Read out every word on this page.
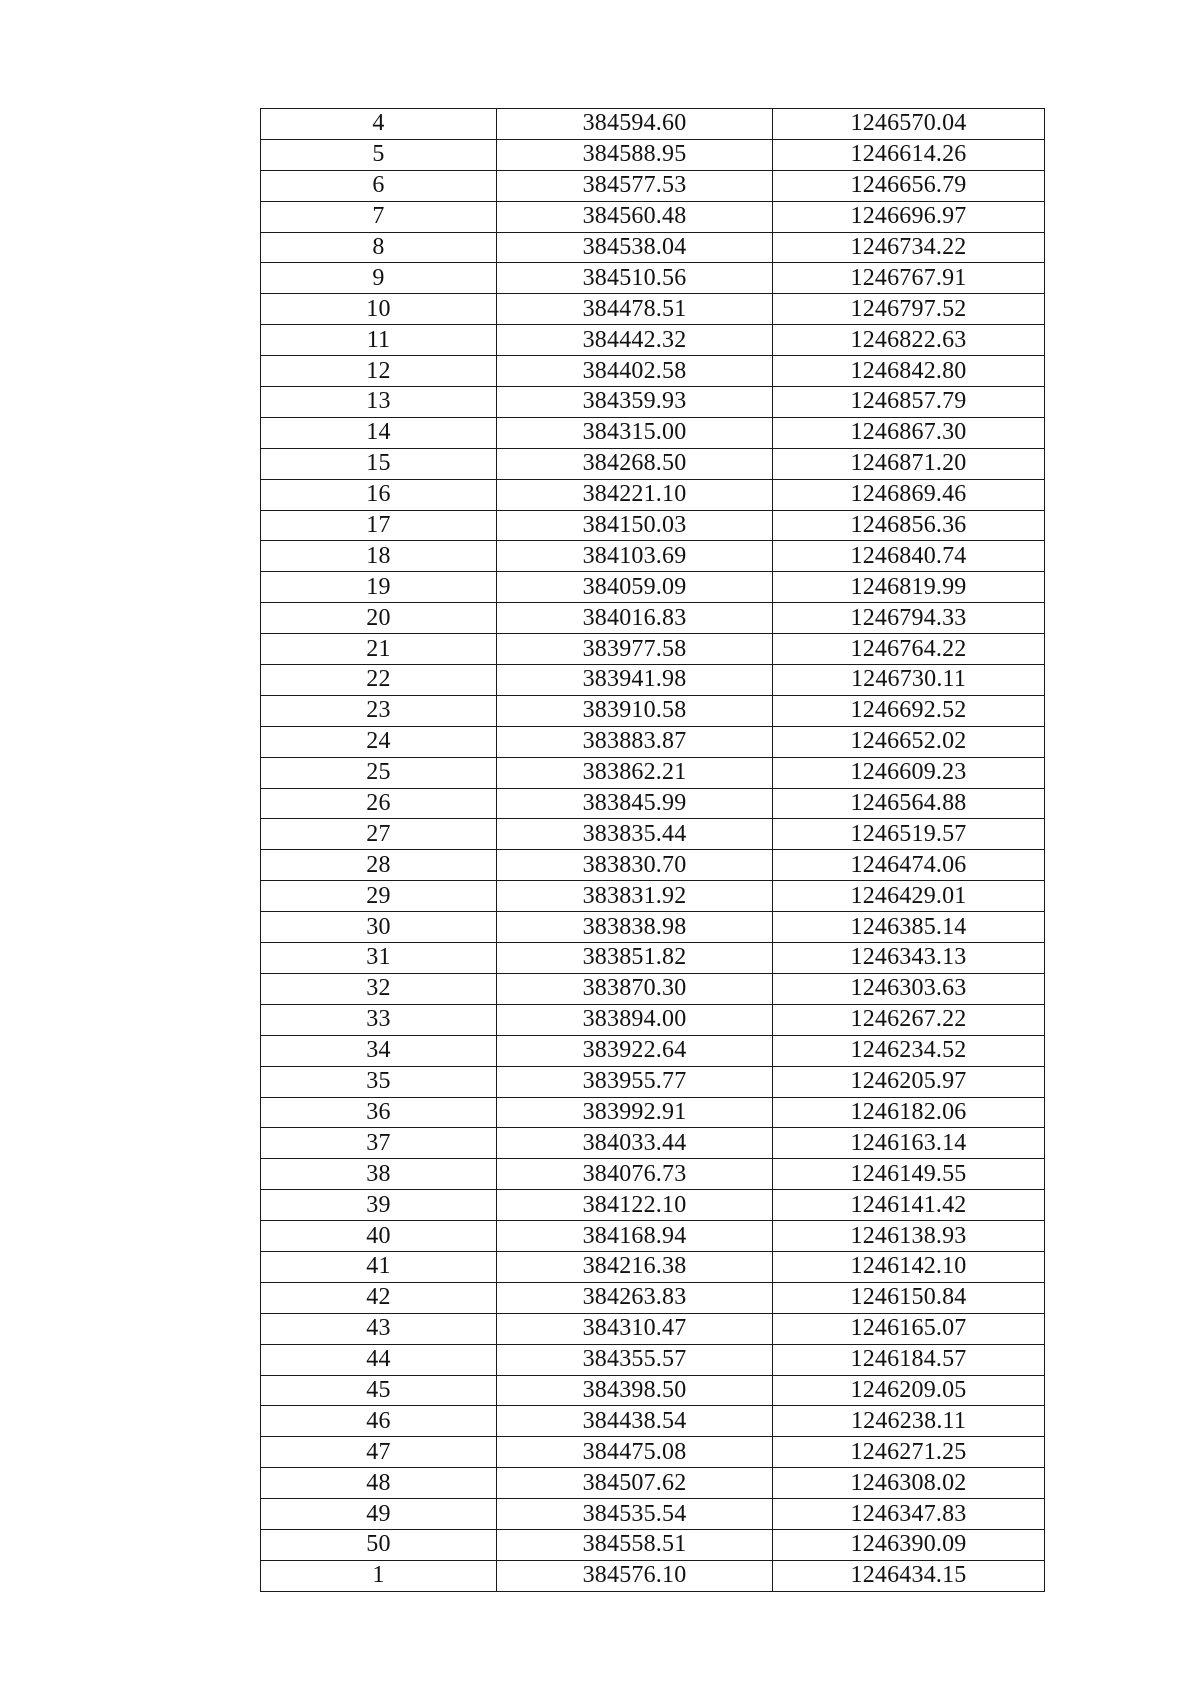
4	384594.60	1246570.04
5	384588.95	1246614.26
6	384577.53	1246656.79
7	384560.48	1246696.97
8	384538.04	1246734.22
9	384510.56	1246767.91
10	384478.51	1246797.52
11	384442.32	1246822.63
12	384402.58	1246842.80
13	384359.93	1246857.79
14	384315.00	1246867.30
15	384268.50	1246871.20
16	384221.10	1246869.46
17	384150.03	1246856.36
18	384103.69	1246840.74
19	384059.09	1246819.99
20	384016.83	1246794.33
21	383977.58	1246764.22
22	383941.98	1246730.11
23	383910.58	1246692.52
24	383883.87	1246652.02
25	383862.21	1246609.23
26	383845.99	1246564.88
27	383835.44	1246519.57
28	383830.70	1246474.06
29	383831.92	1246429.01
30	383838.98	1246385.14
31	383851.82	1246343.13
32	383870.30	1246303.63
33	383894.00	1246267.22
34	383922.64	1246234.52
35	383955.77	1246205.97
36	383992.91	1246182.06
37	384033.44	1246163.14
38	384076.73	1246149.55
39	384122.10	1246141.42
40	384168.94	1246138.93
41	384216.38	1246142.10
42	384263.83	1246150.84
43	384310.47	1246165.07
44	384355.57	1246184.57
45	384398.50	1246209.05
46	384438.54	1246238.11
47	384475.08	1246271.25
48	384507.62	1246308.02
49	384535.54	1246347.83
50	384558.51	1246390.09
1	384576.10	1246434.15
